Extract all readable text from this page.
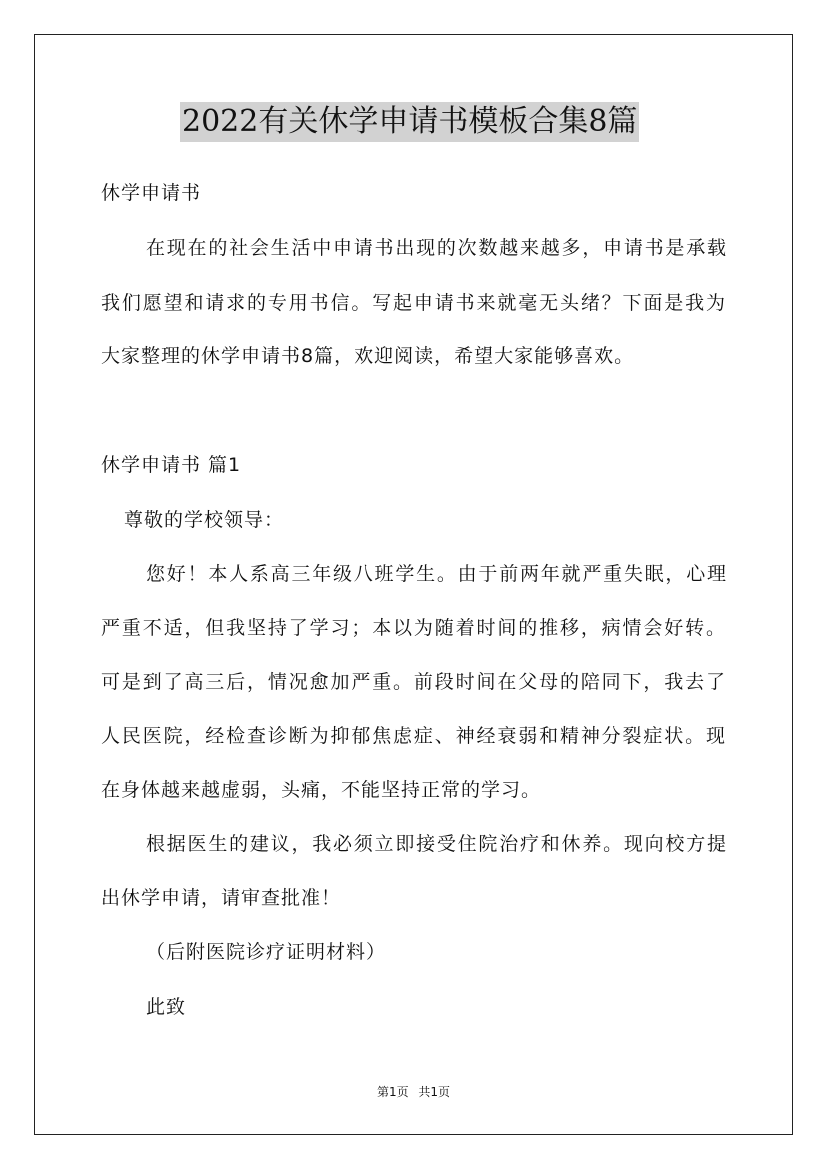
2022有关休学申请书模板合集8篇
休学申请书
在现在的社会生活中申请书出现的次数越来越多，申请书是承载
我们愿望和请求的专用书信。写起申请书来就毫无头绪？下面是我为
大家整理的休学申请书8篇，欢迎阅读，希望大家能够喜欢。
休学申请书 篇1
尊敬的学校领导：
您好！本人系高三年级八班学生。由于前两年就严重失眠，心理
严重不适，但我坚持了学习；本以为随着时间的推移，病情会好转。
可是到了高三后，情况愈加严重。前段时间在父母的陪同下，我去了
人民医院，经检查诊断为抑郁焦虑症、神经衰弱和精神分裂症状。现
在身体越来越虚弱，头痛，不能坚持正常的学习。
根据医生的建议，我必须立即接受住院治疗和休养。现向校方提
出休学申请，请审查批准！
（后附医院诊疗证明材料）
此致
第1页 共1页
